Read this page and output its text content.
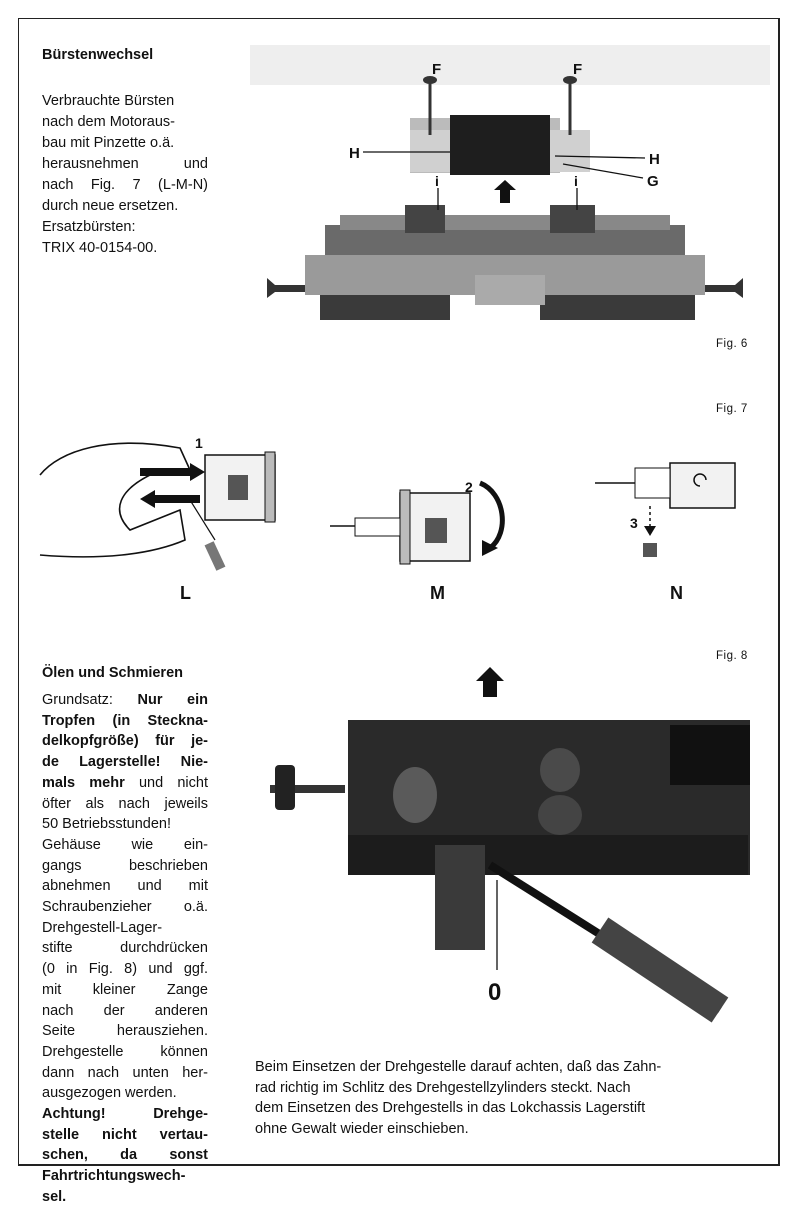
Bürstenwechsel
Verbrauchte Bürsten
nach dem Motoraus-
bau mit Pinzette o.ä.
herausnehmen und
nach Fig. 7 (L-M-N)
durch neue ersetzen.
Ersatzbürsten:
TRIX 40-0154-00.
F	F
H	H
G
i	i
Fig. 6
Fig. 7
1
2
3
L	M	N
Ölen und Schmieren
Grundsatz: Nur ein
Tropfen (in Steckna-
delkopfgröße) für je-
de Lagerstelle! Nie-
mals mehr und nicht
öfter als nach jeweils
50 Betriebsstunden!
Gehäuse wie ein-
gangs beschrieben
abnehmen und mit
Schraubenzieher o.ä.
Drehgestell-Lager-
stifte durchdrücken
(0 in Fig. 8) und ggf.
mit kleiner Zange
nach der anderen
Seite herausziehen.
Drehgestelle können
dann nach unten her-
ausgezogen werden.
Achtung! Drehge-
stelle nicht vertau-
schen, da sonst
Fahrtrichtungswech-
sel.
Fig. 8
0
Beim Einsetzen der Drehgestelle darauf achten, daß das Zahn-
rad richtig im Schlitz des Drehgestellzylinders steckt. Nach
dem Einsetzen des Drehgestells in das Lokchassis Lagerstift
ohne Gewalt wieder einschieben.
